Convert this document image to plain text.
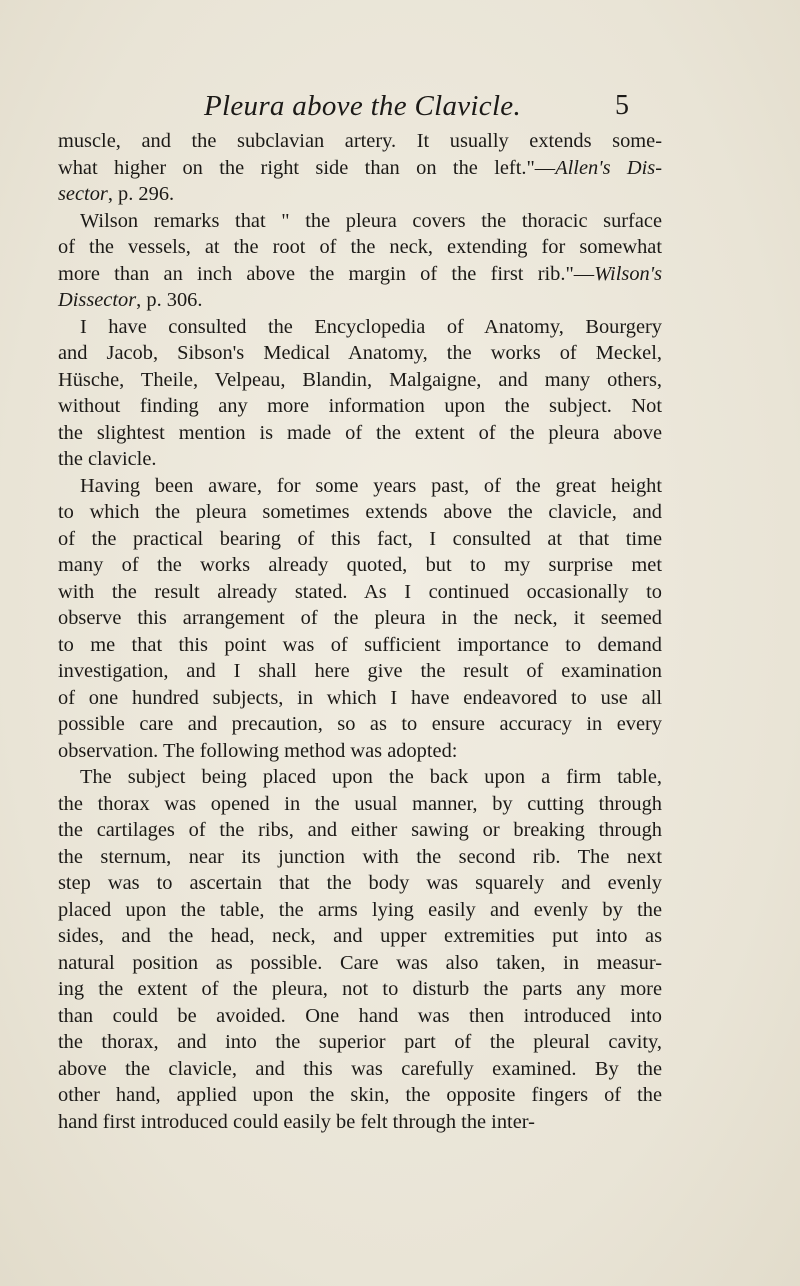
Pleura above the Clavicle.	5

muscle, and the subclavian artery. It usually extends some-
what higher on the right side than on the left."—Allen's Dis-
sector, p. 296.

Wilson remarks that " the pleura covers the thoracic surface
of the vessels, at the root of the neck, extending for somewhat
more than an inch above the margin of the first rib."—Wilson's
Dissector, p. 306.

I have consulted the Encyclopedia of Anatomy, Bourgery
and Jacob, Sibson's Medical Anatomy, the works of Meckel,
Hüsche, Theile, Velpeau, Blandin, Malgaigne, and many others,
without finding any more information upon the subject. Not
the slightest mention is made of the extent of the pleura above
the clavicle.

Having been aware, for some years past, of the great height
to which the pleura sometimes extends above the clavicle, and
of the practical bearing of this fact, I consulted at that time
many of the works already quoted, but to my surprise met
with the result already stated. As I continued occasionally to
observe this arrangement of the pleura in the neck, it seemed
to me that this point was of sufficient importance to demand
investigation, and I shall here give the result of examination
of one hundred subjects, in which I have endeavored to use all
possible care and precaution, so as to ensure accuracy in every
observation. The following method was adopted:

The subject being placed upon the back upon a firm table,
the thorax was opened in the usual manner, by cutting through
the cartilages of the ribs, and either sawing or breaking through
the sternum, near its junction with the second rib. The next
step was to ascertain that the body was squarely and evenly
placed upon the table, the arms lying easily and evenly by the
sides, and the head, neck, and upper extremities put into as
natural position as possible. Care was also taken, in measur-
ing the extent of the pleura, not to disturb the parts any more
than could be avoided. One hand was then introduced into
the thorax, and into the superior part of the pleural cavity,
above the clavicle, and this was carefully examined. By the
other hand, applied upon the skin, the opposite fingers of the
hand first introduced could easily be felt through the inter-
